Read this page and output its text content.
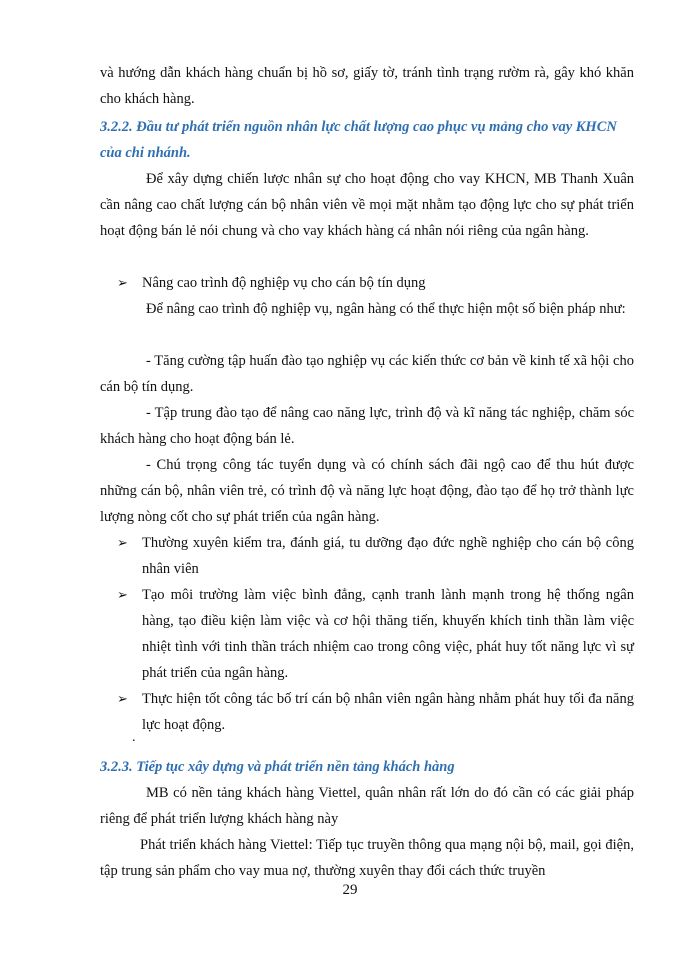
và hướng dẫn khách hàng chuẩn bị hồ sơ, giấy tờ, tránh tình trạng rườm rà, gây khó khăn cho khách hàng.

3.2.2. Đầu tư phát triển nguồn nhân lực chất lượng cao phục vụ mảng cho vay KHCN của chi nhánh.

Để xây dựng chiến lược nhân sự cho hoạt động cho vay KHCN, MB Thanh Xuân cần nâng cao chất lượng cán bộ nhân viên về mọi mặt nhằm tạo động lực cho sự phát triển hoạt động bán lẻ nói chung và cho vay khách hàng cá nhân nói riêng của ngân hàng.

➢ Nâng cao trình độ nghiệp vụ cho cán bộ tín dụng

Để nâng cao trình độ nghiệp vụ, ngân hàng có thể thực hiện một số biện pháp như:

- Tăng cường tập huấn đào tạo nghiệp vụ các kiến thức cơ bản về kinh tế xã hội cho cán bộ tín dụng.

- Tập trung đào tạo để nâng cao năng lực, trình độ và kĩ năng tác nghiệp, chăm sóc khách hàng cho hoạt động bán lẻ.

- Chú trọng công tác tuyển dụng và có chính sách đãi ngộ cao để thu hút được những cán bộ, nhân viên trẻ, có trình độ và năng lực hoạt động, đào tạo để họ trở thành lực lượng nòng cốt cho sự phát triển của ngân hàng.

➢ Thường xuyên kiểm tra, đánh giá, tu dưỡng đạo đức nghề nghiệp cho cán bộ công nhân viên
➢ Tạo môi trường làm việc bình đẳng, cạnh tranh lành mạnh trong hệ thống ngân hàng, tạo điều kiện làm việc và cơ hội thăng tiến, khuyến khích tinh thần làm việc nhiệt tình với tinh thần trách nhiệm cao trong công việc, phát huy tốt năng lực vì sự phát triển của ngân hàng.
➢ Thực hiện tốt công tác bố trí cán bộ nhân viên ngân hàng nhằm phát huy tối đa năng lực hoạt động.
.

3.2.3. Tiếp tục xây dựng và phát triển nền tảng khách hàng

MB có nền tảng khách hàng Viettel, quân nhân rất lớn do đó cần có các giải pháp riêng để phát triển lượng khách hàng này

Phát triển khách hàng Viettel: Tiếp tục truyền thông qua mạng nội bộ, mail, gọi điện, tập trung sản phẩm cho vay mua nợ, thường xuyên thay đổi cách thức truyền

29
